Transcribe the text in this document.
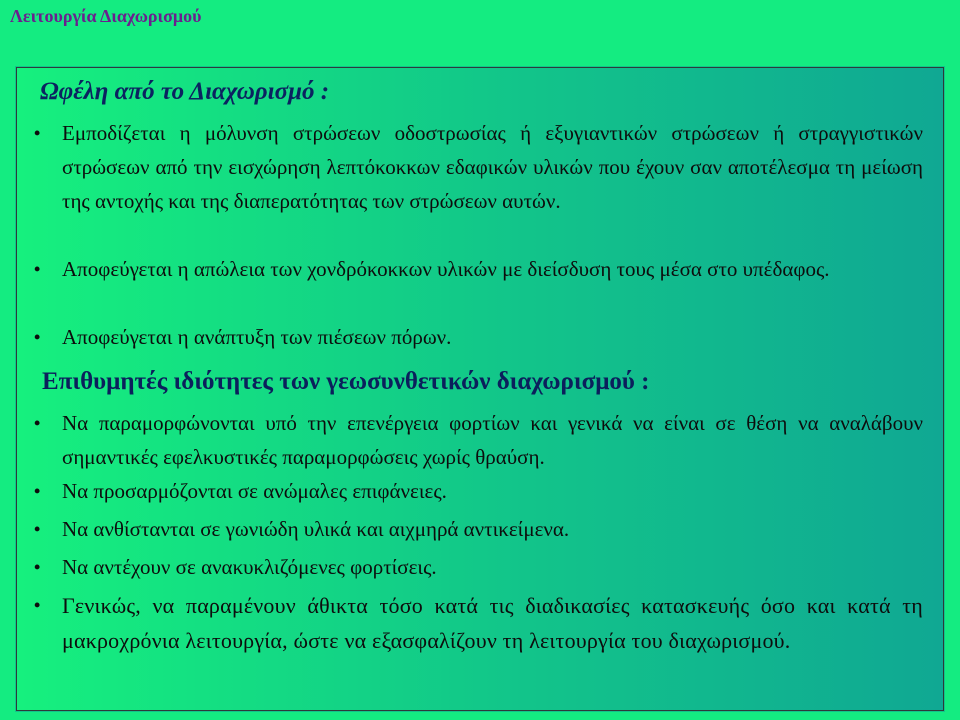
Λειτουργία Διαχωρισμού
Ωφέλη από το Διαχωρισμό :
• Εμποδίζεται η μόλυνση στρώσεων οδοστρωσίας ή εξυγιαντικών στρώσεων ή στραγγιστικών στρώσεων από την εισχώρηση λεπτόκοκκων εδαφικών υλικών που έχουν σαν αποτέλεσμα τη μείωση της αντοχής και της διαπερατότητας των στρώσεων αυτών.
• Αποφεύγεται η απώλεια των χονδρόκοκκων υλικών με διείσδυση τους μέσα στο υπέδαφος.
• Αποφεύγεται η ανάπτυξη των πιέσεων πόρων.
Επιθυμητές ιδιότητες των γεωσυνθετικών διαχωρισμού :
• Να παραμορφώνονται υπό την επενέργεια φορτίων και γενικά να είναι σε θέση να αναλάβουν σημαντικές εφελκυστικές παραμορφώσεις χωρίς θραύση.
• Να προσαρμόζονται σε ανώμαλες επιφάνειες.
• Να ανθίστανται σε γωνιώδη υλικά και αιχμηρά αντικείμενα.
• Να αντέχουν σε ανακυκλιζόμενες φορτίσεις.
• Γενικώς, να παραμένουν άθικτα τόσο κατά τις διαδικασίες κατασκευής όσο και κατά τη μακροχρόνια λειτουργία, ώστε να εξασφαλίζουν τη λειτουργία του διαχωρισμού.
